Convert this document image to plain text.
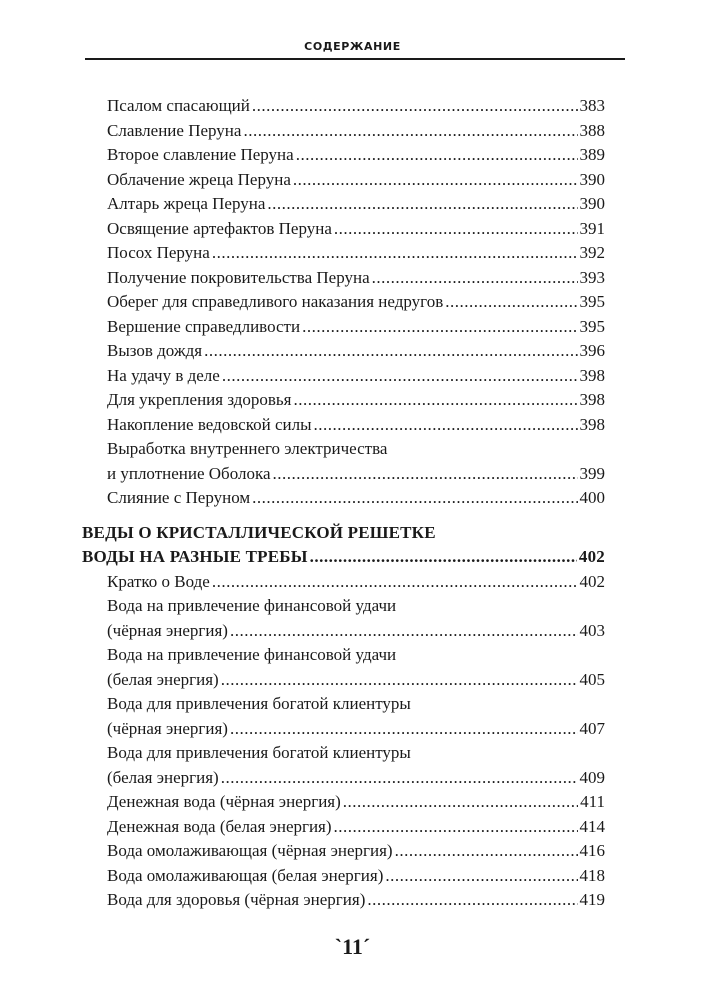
СОДЕРЖАНИЕ
Псалом спасающий .....	383
Славление Перуна .....	388
Второе славление Перуна .....	389
Облачение жреца Перуна .....	390
Алтарь жреца Перуна .....	390
Освящение артефактов Перуна .....	391
Посох Перуна .....	392
Получение покровительства Перуна .....	393
Оберег для справедливого наказания недругов .....	395
Вершение справедливости .....	395
Вызов дождя .....	396
На удачу в деле .....	398
Для укрепления здоровья .....	398
Накопление ведовской силы .....	398
Выработка внутреннего электричества
и уплотнение Оболока .....	399
Слияние с Перуном .....	400
ВЕДЫ О КРИСТАЛЛИЧЕСКОЙ РЕШЕТКЕ
ВОДЫ НА РАЗНЫЕ ТРЕБЫ .....	402
Кратко о Воде .....	402
Вода на привлечение финансовой удачи
(чёрная энергия) .....	403
Вода на привлечение финансовой удачи
(белая энергия) .....	405
Вода для привлечения богатой клиентуры
(чёрная энергия) .....	407
Вода для привлечения богатой клиентуры
(белая энергия) .....	409
Денежная вода (чёрная энергия) .....	411
Денежная вода (белая энергия) .....	414
Вода омолаживающая (чёрная энергия) .....	416
Вода омолаживающая (белая энергия) .....	418
Вода для здоровья (чёрная энергия) .....	419
`11´
